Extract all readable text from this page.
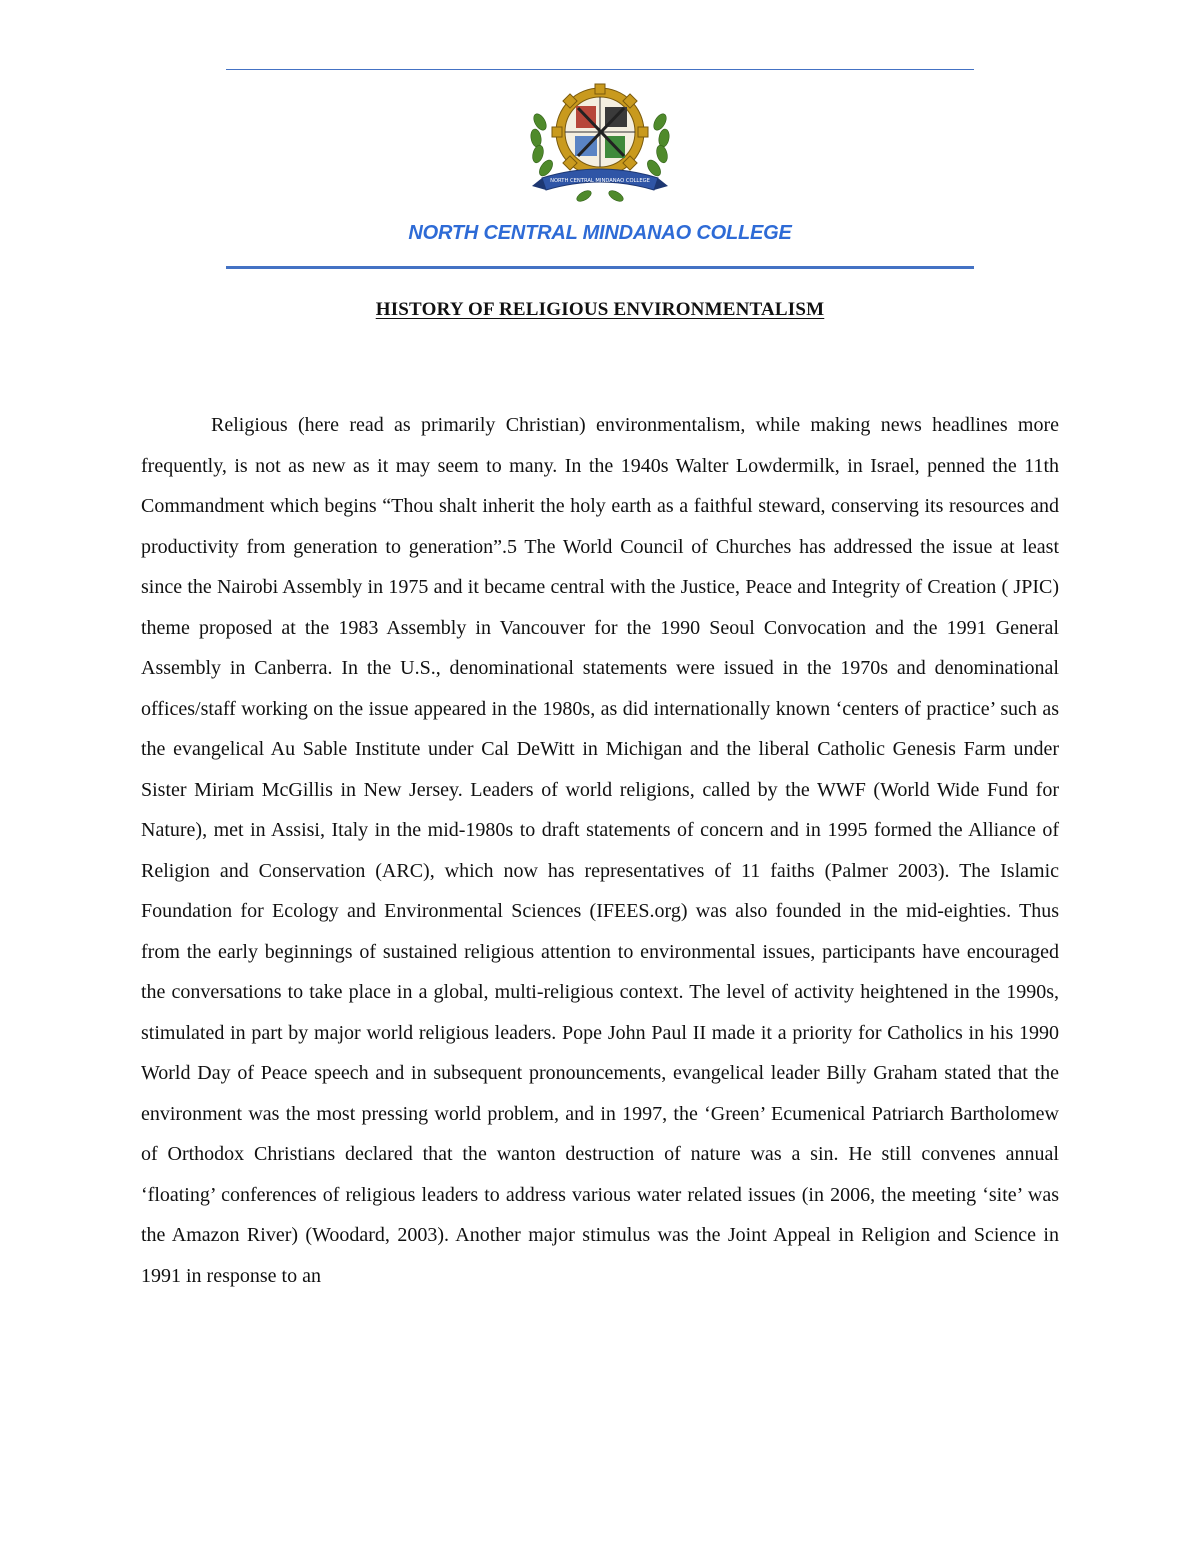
NORTH CENTRAL MINDANAO COLLEGE
NORTH CENTRAL MINDANAO COLLEGE
HISTORY OF RELIGIOUS ENVIRONMENTALISM

Religious (here read as primarily Christian) environmentalism, while making news headlines more frequently, is not as new as it may seem to many. In the 1940s Walter Lowdermilk, in Israel, penned the 11th Commandment which begins “Thou shalt inherit the holy earth as a faithful steward, conserving its resources and productivity from generation to generation”.5 The World Council of Churches has addressed the issue at least since the Nairobi Assembly in 1975 and it became central with the Justice, Peace and Integrity of Creation ( JPIC) theme proposed at the 1983 Assembly in Vancouver for the 1990 Seoul Convocation and the 1991 General Assembly in Canberra. In the U.S., denominational statements were issued in the 1970s and denominational offices/staff working on the issue appeared in the 1980s, as did internationally known ‘centers of practice’ such as the evangelical Au Sable Institute under Cal DeWitt in Michigan and the liberal Catholic Genesis Farm under Sister Miriam McGillis in New Jersey. Leaders of world religions, called by the WWF (World Wide Fund for Nature), met in Assisi, Italy in the mid-1980s to draft statements of concern and in 1995 formed the Alliance of Religion and Conservation (ARC), which now has representatives of 11 faiths (Palmer 2003). The Islamic Foundation for Ecology and Environmental Sciences (IFEES.org) was also founded in the mid-eighties. Thus from the early beginnings of sustained religious attention to environmental issues, participants have encouraged the conversations to take place in a global, multi-religious context. The level of activity heightened in the 1990s, stimulated in part by major world religious leaders. Pope John Paul II made it a priority for Catholics in his 1990 World Day of Peace speech and in subsequent pronouncements, evangelical leader Billy Graham stated that the environment was the most pressing world problem, and in 1997, the ‘Green’ Ecumenical Patriarch Bartholomew of Orthodox Christians declared that the wanton destruction of nature was a sin. He still convenes annual ‘floating’ conferences of religious leaders to address various water related issues (in 2006, the meeting ‘site’ was the Amazon River) (Woodard, 2003). Another major stimulus was the Joint Appeal in Religion and Science in 1991 in response to an
